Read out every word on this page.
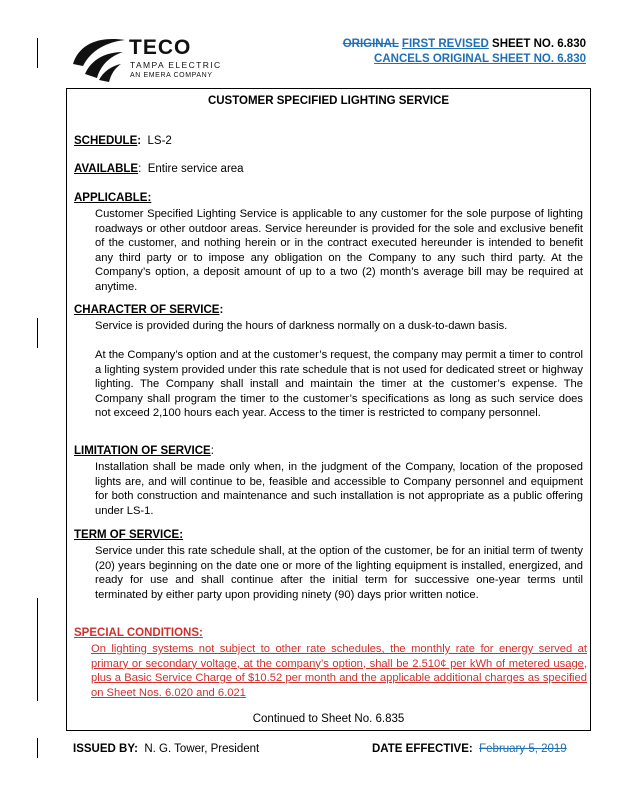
TECO
TAMPA ELECTRIC
AN EMERA COMPANY
ORIGINAL FIRST REVISED SHEET NO. 6.830
CANCELS ORIGINAL SHEET NO. 6.830
CUSTOMER SPECIFIED LIGHTING SERVICE
SCHEDULE: LS-2
AVAILABLE:  Entire service area
APPLICABLE:

Customer Specified Lighting Service is applicable to any customer for the sole purpose of lighting roadways or other outdoor areas. Service hereunder is provided for the sole and exclusive benefit of the customer, and nothing herein or in the contract executed hereunder is intended to benefit any third party or to impose any obligation on the Company to any such third party. At the Company’s option, a deposit amount of up to a two (2) month’s average bill may be required at anytime.

CHARACTER OF SERVICE:

Service is provided during the hours of darkness normally on a dusk-to-dawn basis.

At the Company’s option and at the customer’s request, the company may permit a timer to control a lighting system provided under this rate schedule that is not used for dedicated street or highway lighting. The Company shall install and maintain the timer at the customer’s expense. The Company shall program the timer to the customer’s specifications as long as such service does not exceed 2,100 hours each year. Access to the timer is restricted to company personnel.

LIMITATION OF SERVICE:

Installation shall be made only when, in the judgment of the Company, location of the proposed lights are, and will continue to be, feasible and accessible to Company personnel and equipment for both construction and maintenance and such installation is not appropriate as a public offering under LS-1.

TERM OF SERVICE:

Service under this rate schedule shall, at the option of the customer, be for an initial term of twenty (20) years beginning on the date one or more of the lighting equipment is installed, energized, and ready for use and shall continue after the initial term for successive one-year terms until terminated by either party upon providing ninety (90) days prior written notice.

SPECIAL CONDITIONS:

On lighting systems not subject to other rate schedules, the monthly rate for energy served at primary or secondary voltage, at the company’s option, shall be 2.510¢ per kWh of metered usage, plus a Basic Service Charge of $10.52 per month and the applicable additional charges as specified on Sheet Nos. 6.020 and 6.021

Continued to Sheet No. 6.835
ISSUED BY: N. G. Tower, President	DATE EFFECTIVE: February 5, 2019
